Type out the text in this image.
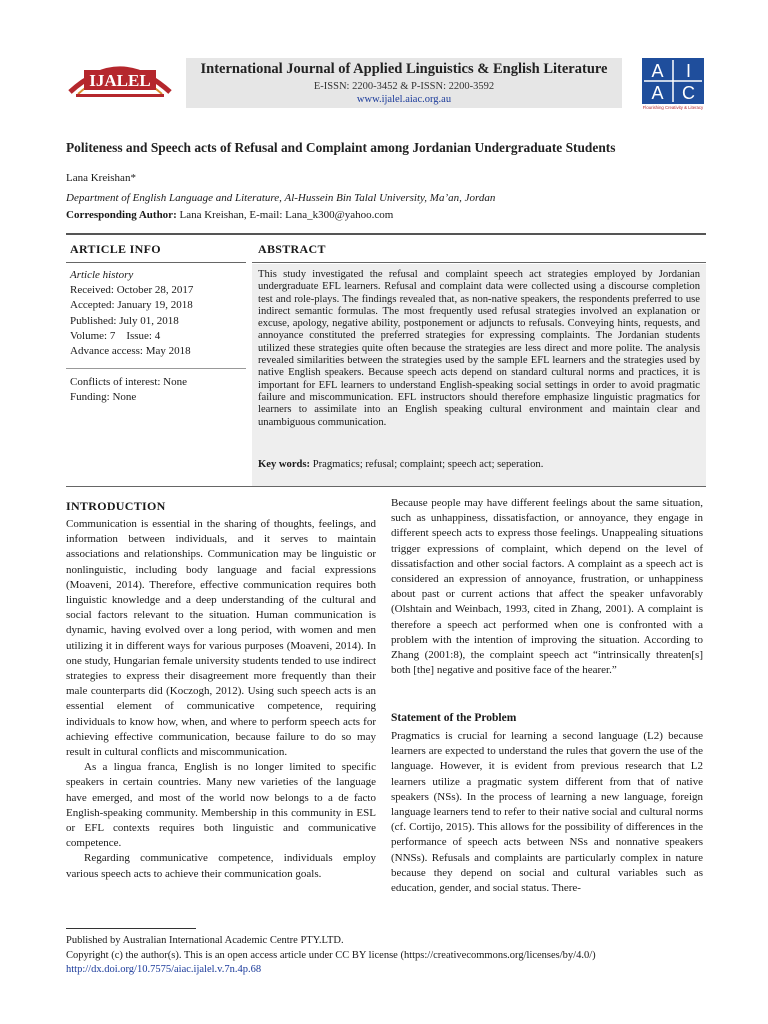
IJALEL
International Journal of Applied Linguistics & English Literature
E-ISSN: 2200-3452 & P-ISSN: 2200-3592
www.ijalel.aiac.org.au
A I
A C
Flourishing Creativity & Literacy
Politeness and Speech acts of Refusal and Complaint among Jordanian Undergraduate Students
Lana Kreishan*
Department of English Language and Literature, Al-Hussein Bin Talal University, Ma’an, Jordan
Corresponding Author: Lana Kreishan, E-mail: Lana_k300@yahoo.com
ARTICLE INFO	ABSTRACT
Article history
Received: October 28, 2017
Accepted: January 19, 2018
Published: July 01, 2018
Volume: 7    Issue: 4
Advance access: May 2018
Conflicts of interest: None
Funding: None
This study investigated the refusal and complaint speech act strategies employed by Jordanian undergraduate EFL learners. Refusal and complaint data were collected using a discourse completion test and role-plays. The findings revealed that, as non-native speakers, the respondents preferred to use indirect semantic formulas. The most frequently used refusal strategies involved an explanation or excuse, apology, negative ability, postponement or adjuncts to refusals. Conveying hints, requests, and annoyance constituted the preferred strategies for expressing complaints. The Jordanian students utilized these strategies quite often because the strategies are less direct and more polite. The analysis revealed similarities between the strategies used by the sample EFL learners and the strategies used by native English speakers. Because speech acts depend on standard cultural norms and practices, it is important for EFL learners to understand English-speaking social settings in order to avoid pragmatic failure and miscommunication. EFL instructors should therefore emphasize linguistic pragmatics for learners to assimilate into an English speaking cultural environment and maintain clear and unambiguous communication.
Key words: Pragmatics; refusal; complaint; speech act; seperation.
INTRODUCTION

Communication is essential in the sharing of thoughts, feelings, and information between individuals, and it serves to maintain associations and relationships. Communication may be linguistic or nonlinguistic, including body language and facial expressions (Moaveni, 2014). Therefore, effective communication requires both linguistic knowledge and a deep understanding of the cultural and social factors relevant to the situation. Human communication is dynamic, having evolved over a long period, with women and men utilizing it in different ways for various purposes (Moaveni, 2014). In one study, Hungarian female university students tended to use indirect strategies to express their disagreement more frequently than their male counterparts did (Koczogh, 2012). Using such speech acts is an essential element of communicative competence, requiring individuals to know how, when, and where to perform speech acts for achieving effective communication, because failure to do so may result in cultural conflicts and miscommunication.

As a lingua franca, English is no longer limited to specific speakers in certain countries. Many new varieties of the language have emerged, and most of the world now belongs to a de facto English-speaking community. Membership in this community in ESL or EFL contexts requires both linguistic and communicative competence.

Regarding communicative competence, individuals employ various speech acts to achieve their communication goals.

Because people may have different feelings about the same situation, such as unhappiness, dissatisfaction, or annoyance, they engage in different speech acts to express those feelings. Unappealing situations trigger expressions of complaint, which depend on the level of dissatisfaction and other social factors. A complaint as a speech act is considered an expression of annoyance, frustration, or unhappiness about past or current actions that affect the speaker unfavorably (Olshtain and Weinbach, 1993, cited in Zhang, 2001). A complaint is therefore a speech act performed when one is confronted with a problem with the intention of improving the situation. According to Zhang (2001:8), the complaint speech act “intrinsically threaten[s] both [the] negative and positive face of the hearer.”

Statement of the Problem

Pragmatics is crucial for learning a second language (L2) because learners are expected to understand the rules that govern the use of the language. However, it is evident from previous research that L2 learners utilize a pragmatic system different from that of native speakers (NSs). In the process of learning a new language, foreign language learners tend to refer to their native social and cultural norms (cf. Cortijo, 2015). This allows for the possibility of differences in the performance of speech acts between NSs and nonnative speakers (NNSs). Refusals and complaints are particularly complex in nature because they depend on social and cultural variables such as education, gender, and social status. There-

Published by Australian International Academic Centre PTY.LTD.
Copyright (c) the author(s). This is an open access article under CC BY license (https://creativecommons.org/licenses/by/4.0/)
http://dx.doi.org/10.7575/aiac.ijalel.v.7n.4p.68
